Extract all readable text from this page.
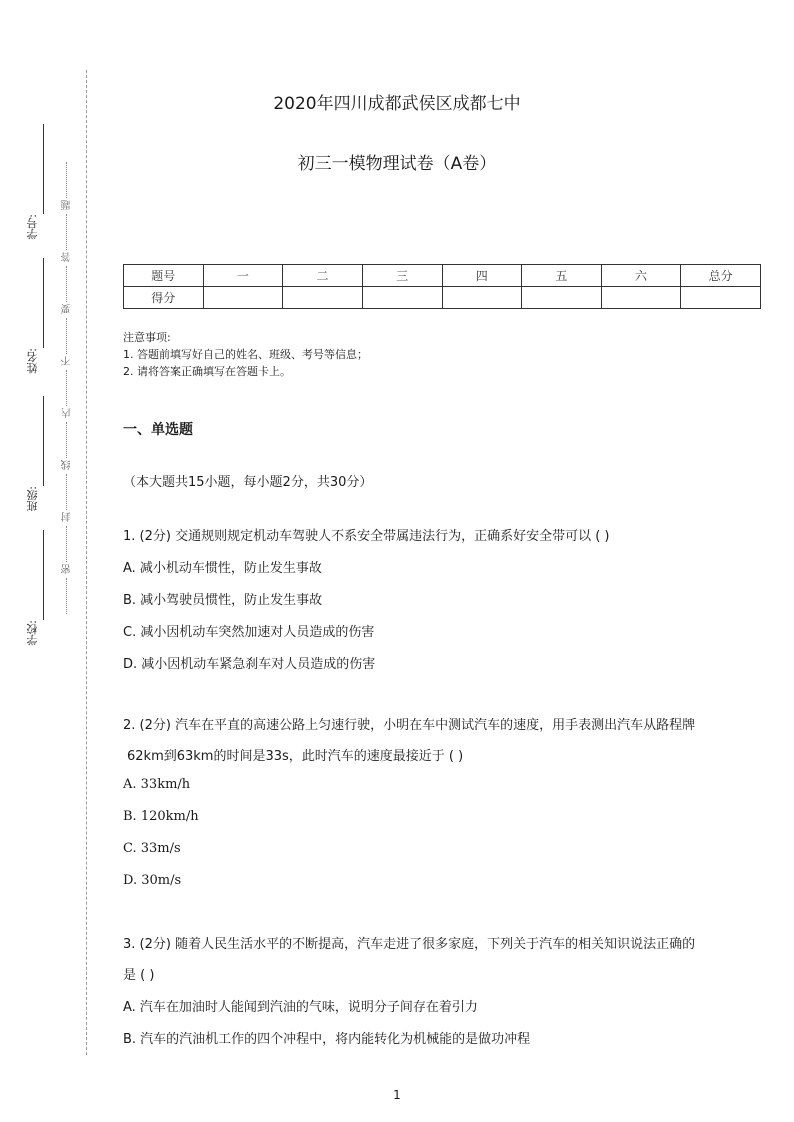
学号:
姓名:
班级:
学校:
题
答
要
不
内
线
封
密
2020年四川成都武侯区成都七中
初三一模物理试卷（A卷）
题号	一	二	三	四	五	六	总分
得分							
注意事项:
1. 答题前填写好自己的姓名、班级、考号等信息；
2. 请将答案正确填写在答题卡上。
一、单选题
（本大题共15小题，每小题2分，共30分）
1. (2分) 交通规则规定机动车驾驶人不系安全带属违法行为，正确系好安全带可以 ( )
A. 减小机动车惯性，防止发生事故
B. 减小驾驶员惯性，防止发生事故
C. 减小因机动车突然加速对人员造成的伤害
D. 减小因机动车紧急刹车对人员造成的伤害
2. (2分) 汽车在平直的高速公路上匀速行驶，小明在车中测试汽车的速度，用手表测出汽车从路程牌
62km到63km的时间是33s，此时汽车的速度最接近于 ( )
A. 33km/h
B. 120km/h
C. 33m/s
D. 30m/s
3. (2分) 随着人民生活水平的不断提高，汽车走进了很多家庭，下列关于汽车的相关知识说法正确的
是 ( )
A. 汽车在加油时人能闻到汽油的气味，说明分子间存在着引力
B. 汽车的汽油机工作的四个冲程中，将内能转化为机械能的是做功冲程
1
